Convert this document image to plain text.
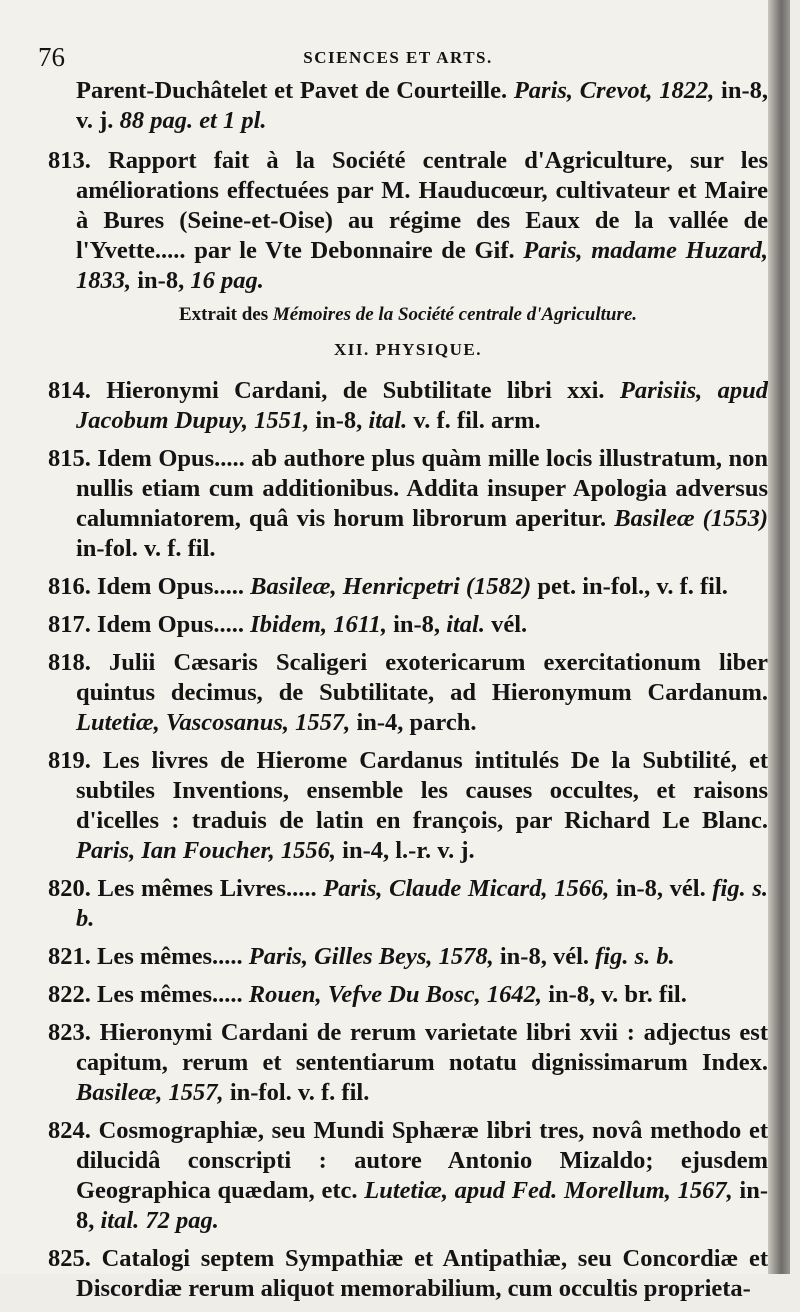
76	SCIENCES ET ARTS.

Parent-Duchâtelet et Pavet de Courteille. Paris, Crevot, 1822, in-8, v. j. 88 pag. et 1 pl.

813. Rapport fait à la Société centrale d'Agriculture, sur les améliorations effectuées par M. Hauducœur, cultivateur et Maire à Bures (Seine-et-Oise) au régime des Eaux de la vallée de l'Yvette..... par le Vte Debonnaire de Gif. Paris, madame Huzard, 1833, in-8, 16 pag.

Extrait des Mémoires de la Société centrale d'Agriculture.
XII. PHYSIQUE.

814. Hieronymi Cardani, de Subtilitate libri xxi. Parisiis, apud Jacobum Dupuy, 1551, in-8, ital. v. f. fil. arm.

815. Idem Opus..... ab authore plus quàm mille locis illustratum, non nullis etiam cum additionibus. Addita insuper Apologia adversus calumniatorem, quâ vis horum librorum aperitur. Basileæ (1553) in-fol. v. f. fil.

816. Idem Opus..... Basileæ, Henricpetri (1582) pet. in-fol., v. f. fil.

817. Idem Opus..... Ibidem, 1611, in-8, ital. vél.

818. Julii Cæsaris Scaligeri exotericarum exercitationum liber quintus decimus, de Subtilitate, ad Hieronymum Cardanum. Lutetiæ, Vascosanus, 1557, in-4, parch.

819. Les livres de Hierome Cardanus intitulés De la Subtilité, et subtiles Inventions, ensemble les causes occultes, et raisons d'icelles : traduis de latin en françois, par Richard Le Blanc. Paris, Ian Foucher, 1556, in-4, l.-r. v. j.

820. Les mêmes Livres..... Paris, Claude Micard, 1566, in-8, vél. fig. s. b.

821. Les mêmes..... Paris, Gilles Beys, 1578, in-8, vél. fig. s. b.

822. Les mêmes..... Rouen, Vefve Du Bosc, 1642, in-8, v. br. fil.

823. Hieronymi Cardani de rerum varietate libri xvii : adjectus est capitum, rerum et sententiarum notatu dignissimarum Index. Basileæ, 1557, in-fol. v. f. fil.

824. Cosmographiæ, seu Mundi Sphæræ libri tres, novâ methodo et dilucidâ conscripti : autore Antonio Mizaldo; ejusdem Geographica quædam, etc. Lutetiæ, apud Fed. Morellum, 1567, in-8, ital. 72 pag.

825. Catalogi septem Sympathiæ et Antipathiæ, seu Concordiæ et Discordiæ rerum aliquot memorabilium, cum occultis proprieta-
